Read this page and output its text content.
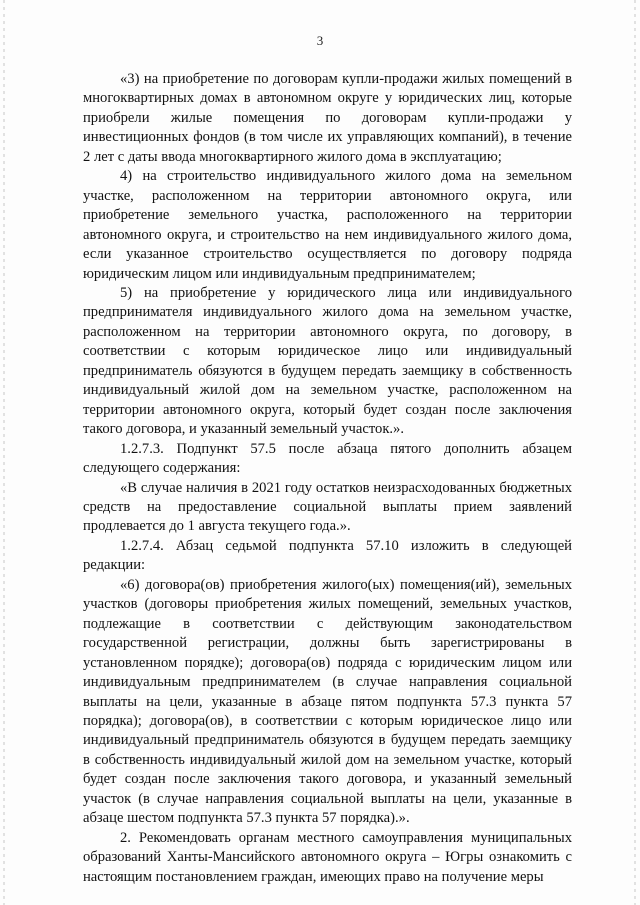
3

«3) на приобретение по договорам купли-продажи жилых помещений в многоквартирных домах в автономном округе у юридических лиц, которые приобрели жилые помещения по договорам купли-продажи у инвестиционных фондов (в том числе их управляющих компаний), в течение 2 лет с даты ввода многоквартирного жилого дома в эксплуатацию;

4) на строительство индивидуального жилого дома на земельном участке, расположенном на территории автономного округа, или приобретение земельного участка, расположенного на территории автономного округа, и строительство на нем индивидуального жилого дома, если указанное строительство осуществляется по договору подряда юридическим лицом или индивидуальным предпринимателем;

5) на приобретение у юридического лица или индивидуального предпринимателя индивидуального жилого дома на земельном участке, расположенном на территории автономного округа, по договору, в соответствии с которым юридическое лицо или индивидуальный предприниматель обязуются в будущем передать заемщику в собственность индивидуальный жилой дом на земельном участке, расположенном на территории автономного округа, который будет создан после заключения такого договора, и указанный земельный участок.».

1.2.7.3. Подпункт 57.5 после абзаца пятого дополнить абзацем следующего содержания:

«В случае наличия в 2021 году остатков неизрасходованных бюджетных средств на предоставление социальной выплаты прием заявлений продлевается до 1 августа текущего года.».

1.2.7.4. Абзац седьмой подпункта 57.10 изложить в следующей редакции:

«6) договора(ов) приобретения жилого(ых) помещения(ий), земельных участков (договоры приобретения жилых помещений, земельных участков, подлежащие в соответствии с действующим законодательством государственной регистрации, должны быть зарегистрированы в установленном порядке); договора(ов) подряда с юридическим лицом или индивидуальным предпринимателем (в случае направления социальной выплаты на цели, указанные в абзаце пятом подпункта 57.3 пункта 57 порядка); договора(ов), в соответствии с которым юридическое лицо или индивидуальный предприниматель обязуются в будущем передать заемщику в собственность индивидуальный жилой дом на земельном участке, который будет создан после заключения такого договора, и указанный земельный участок (в случае направления социальной выплаты на цели, указанные в абзаце шестом подпункта 57.3 пункта 57 порядка).».

2. Рекомендовать органам местного самоуправления муниципальных образований Ханты-Мансийского автономного округа – Югры ознакомить с настоящим постановлением граждан, имеющих право на получение меры
